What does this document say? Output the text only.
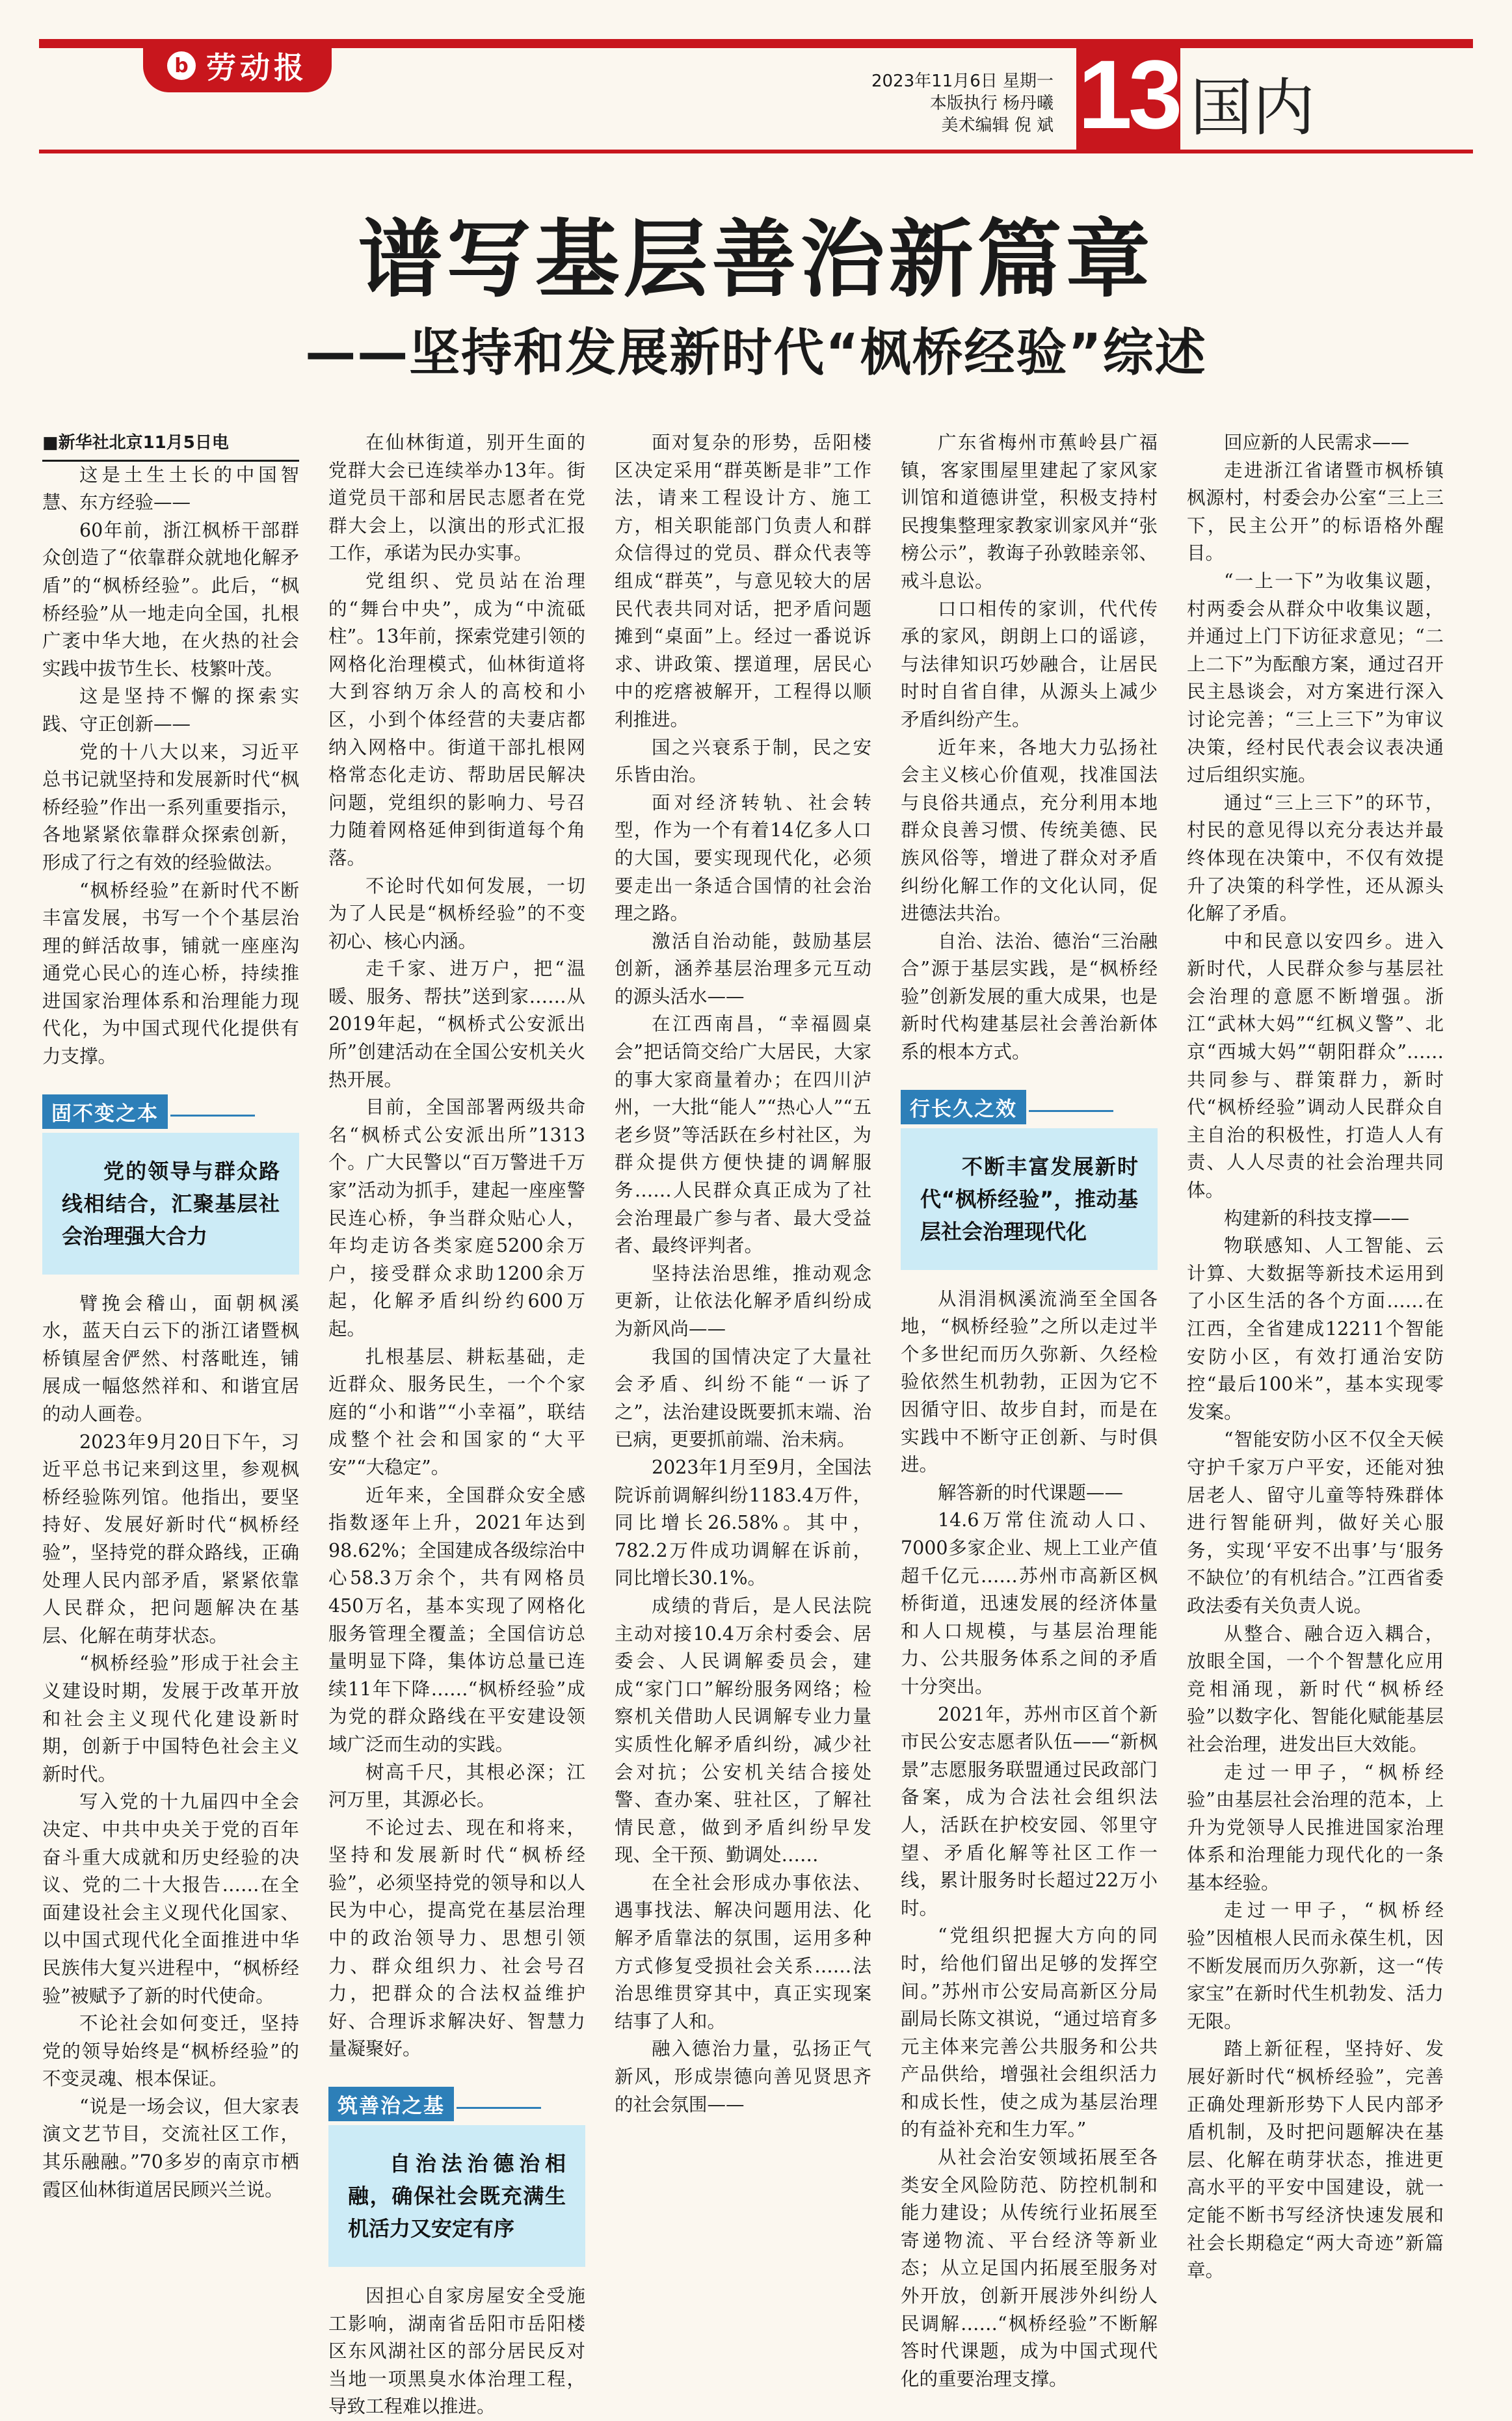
b 劳动报	2023年11月6日 星期一
本版执行 杨丹曦
美术编辑 倪 斌 13 国内
谱写基层善治新篇章
——坚持和发展新时代“枫桥经验”综述

■新华社北京11月5日电

这是土生土长的中国智慧、东方经验——

60年前，浙江枫桥干部群众创造了“依靠群众就地化解矛盾”的“枫桥经验”。此后，“枫桥经验”从一地走向全国，扎根广袤中华大地，在火热的社会实践中拔节生长、枝繁叶茂。

这是坚持不懈的探索实践、守正创新——

党的十八大以来，习近平总书记就坚持和发展新时代“枫桥经验”作出一系列重要指示，各地紧紧依靠群众探索创新，形成了行之有效的经验做法。

“枫桥经验”在新时代不断丰富发展，书写一个个基层治理的鲜活故事，铺就一座座沟通党心民心的连心桥，持续推进国家治理体系和治理能力现代化，为中国式现代化提供有力支撑。

固不变之本
党的领导与群众路线相结合，汇聚基层社会治理强大合力

臂挽会稽山，面朝枫溪水，蓝天白云下的浙江诸暨枫桥镇屋舍俨然、村落毗连，铺展成一幅悠然祥和、和谐宜居的动人画卷。

2023年9月20日下午，习近平总书记来到这里，参观枫桥经验陈列馆。他指出，要坚持好、发展好新时代“枫桥经验”，坚持党的群众路线，正确处理人民内部矛盾，紧紧依靠人民群众，把问题解决在基层、化解在萌芽状态。

“枫桥经验”形成于社会主义建设时期，发展于改革开放和社会主义现代化建设新时期，创新于中国特色社会主义新时代。

写入党的十九届四中全会决定、中共中央关于党的百年奋斗重大成就和历史经验的决议、党的二十大报告……在全面建设社会主义现代化国家、以中国式现代化全面推进中华民族伟大复兴进程中，“枫桥经验”被赋予了新的时代使命。

不论社会如何变迁，坚持党的领导始终是“枫桥经验”的不变灵魂、根本保证。

“说是一场会议，但大家表演文艺节目，交流社区工作，其乐融融。”70多岁的南京市栖霞区仙林街道居民顾兴兰说。

在仙林街道，别开生面的党群大会已连续举办13年。街道党员干部和居民志愿者在党群大会上，以演出的形式汇报工作，承诺为民办实事。

党组织、党员站在治理的“舞台中央”，成为“中流砥柱”。13年前，探索党建引领的网格化治理模式，仙林街道将大到容纳万余人的高校和小区，小到个体经营的夫妻店都纳入网格中。街道干部扎根网格常态化走访、帮助居民解决问题，党组织的影响力、号召力随着网格延伸到街道每个角落。

不论时代如何发展，一切为了人民是“枫桥经验”的不变初心、核心内涵。

走千家、进万户，把“温暖、服务、帮扶”送到家……从2019年起，“枫桥式公安派出所”创建活动在全国公安机关火热开展。

目前，全国部署两级共命名“枫桥式公安派出所”1313个。广大民警以“百万警进千万家”活动为抓手，建起一座座警民连心桥，争当群众贴心人，年均走访各类家庭5200余万户，接受群众求助1200余万起，化解矛盾纠纷约600万起。

扎根基层、耕耘基础，走近群众、服务民生，一个个家庭的“小和谐”“小幸福”，联结成整个社会和国家的“大平安”“大稳定”。

近年来，全国群众安全感指数逐年上升，2021年达到98.62%；全国建成各级综治中心58.3万余个，共有网格员450万名，基本实现了网格化服务管理全覆盖；全国信访总量明显下降，集体访总量已连续11年下降……“枫桥经验”成为党的群众路线在平安建设领域广泛而生动的实践。

树高千尺，其根必深；江河万里，其源必长。

不论过去、现在和将来，坚持和发展新时代“枫桥经验”，必须坚持党的领导和以人民为中心，提高党在基层治理中的政治领导力、思想引领力、群众组织力、社会号召力，把群众的合法权益维护好、合理诉求解决好、智慧力量凝聚好。

筑善治之基
自治法治德治相融，确保社会既充满生机活力又安定有序

因担心自家房屋安全受施工影响，湖南省岳阳市岳阳楼区东风湖社区的部分居民反对当地一项黑臭水体治理工程，导致工程难以推进。

面对复杂的形势，岳阳楼区决定采用“群英断是非”工作法，请来工程设计方、施工方，相关职能部门负责人和群众信得过的党员、群众代表等组成“群英”，与意见较大的居民代表共同对话，把矛盾问题摊到“桌面”上。经过一番说诉求、讲政策、摆道理，居民心中的疙瘩被解开，工程得以顺利推进。

国之兴衰系于制，民之安乐皆由治。

面对经济转轨、社会转型，作为一个有着14亿多人口的大国，要实现现代化，必须要走出一条适合国情的社会治理之路。

激活自治动能，鼓励基层创新，涵养基层治理多元互动的源头活水——

在江西南昌，“幸福圆桌会”把话筒交给广大居民，大家的事大家商量着办；在四川泸州，一大批“能人”“热心人”“五老乡贤”等活跃在乡村社区，为群众提供方便快捷的调解服务……人民群众真正成为了社会治理最广参与者、最大受益者、最终评判者。

坚持法治思维，推动观念更新，让依法化解矛盾纠纷成为新风尚——

我国的国情决定了大量社会矛盾、纠纷不能“一诉了之”，法治建设既要抓末端、治已病，更要抓前端、治未病。

2023年1月至9月，全国法院诉前调解纠纷1183.4万件，同比增长26.58%。其中，782.2万件成功调解在诉前，同比增长30.1%。

成绩的背后，是人民法院主动对接10.4万余村委会、居委会、人民调解委员会，建成“家门口”解纷服务网络；检察机关借助人民调解专业力量实质性化解矛盾纠纷，减少社会对抗；公安机关结合接处警、查办案、驻社区，了解社情民意，做到矛盾纠纷早发现、全干预、勤调处……

在全社会形成办事依法、遇事找法、解决问题用法、化解矛盾靠法的氛围，运用多种方式修复受损社会关系……法治思维贯穿其中，真正实现案结事了人和。

融入德治力量，弘扬正气新风，形成崇德向善见贤思齐的社会氛围——

广东省梅州市蕉岭县广福镇，客家围屋里建起了家风家训馆和道德讲堂，积极支持村民搜集整理家教家训家风并“张榜公示”，教诲子孙敦睦亲邻、戒斗息讼。

口口相传的家训，代代传承的家风，朗朗上口的谣谚，与法律知识巧妙融合，让居民时时自省自律，从源头上减少矛盾纠纷产生。

近年来，各地大力弘扬社会主义核心价值观，找准国法与良俗共通点，充分利用本地群众良善习惯、传统美德、民族风俗等，增进了群众对矛盾纠纷化解工作的文化认同，促进德法共治。

自治、法治、德治“三治融合”源于基层实践，是“枫桥经验”创新发展的重大成果，也是新时代构建基层社会善治新体系的根本方式。

行长久之效
不断丰富发展新时代“枫桥经验”，推动基层社会治理现代化

从涓涓枫溪流淌至全国各地，“枫桥经验”之所以走过半个多世纪而历久弥新、久经检验依然生机勃勃，正因为它不因循守旧、故步自封，而是在实践中不断守正创新、与时俱进。

解答新的时代课题——

14.6万常住流动人口、7000多家企业、规上工业产值超千亿元……苏州市高新区枫桥街道，迅速发展的经济体量和人口规模，与基层治理能力、公共服务体系之间的矛盾十分突出。

2021年，苏州市区首个新市民公安志愿者队伍——“新枫景”志愿服务联盟通过民政部门备案，成为合法社会组织法人，活跃在护校安园、邻里守望、矛盾化解等社区工作一线，累计服务时长超过22万小时。

“党组织把握大方向的同时，给他们留出足够的发挥空间。”苏州市公安局高新区分局副局长陈文祺说，“通过培育多元主体来完善公共服务和公共产品供给，增强社会组织活力和成长性，使之成为基层治理的有益补充和生力军。”

从社会治安领域拓展至各类安全风险防范、防控机制和能力建设；从传统行业拓展至寄递物流、平台经济等新业态；从立足国内拓展至服务对外开放，创新开展涉外纠纷人民调解……“枫桥经验”不断解答时代课题，成为中国式现代化的重要治理支撑。

回应新的人民需求——

走进浙江省诸暨市枫桥镇枫源村，村委会办公室“三上三下，民主公开”的标语格外醒目。

“一上一下”为收集议题，村两委会从群众中收集议题，并通过上门下访征求意见；“二上二下”为酝酿方案，通过召开民主恳谈会，对方案进行深入讨论完善；“三上三下”为审议决策，经村民代表会议表决通过后组织实施。

通过“三上三下”的环节，村民的意见得以充分表达并最终体现在决策中，不仅有效提升了决策的科学性，还从源头化解了矛盾。

中和民意以安四乡。进入新时代，人民群众参与基层社会治理的意愿不断增强。浙江“武林大妈”“红枫义警”、北京“西城大妈”“朝阳群众”……共同参与、群策群力，新时代“枫桥经验”调动人民群众自主自治的积极性，打造人人有责、人人尽责的社会治理共同体。

构建新的科技支撑——

物联感知、人工智能、云计算、大数据等新技术运用到了小区生活的各个方面……在江西，全省建成12211个智能安防小区，有效打通治安防控“最后100米”，基本实现零发案。

“智能安防小区不仅全天候守护千家万户平安，还能对独居老人、留守儿童等特殊群体进行智能研判，做好关心服务，实现‘平安不出事’与‘服务不缺位’的有机结合。”江西省委政法委有关负责人说。

从整合、融合迈入耦合，放眼全国，一个个智慧化应用竞相涌现，新时代“枫桥经验”以数字化、智能化赋能基层社会治理，进发出巨大效能。

走过一甲子，“枫桥经验”由基层社会治理的范本，上升为党领导人民推进国家治理体系和治理能力现代化的一条基本经验。

走过一甲子，“枫桥经验”因植根人民而永葆生机，因不断发展而历久弥新，这一“传家宝”在新时代生机勃发、活力无限。

踏上新征程，坚持好、发展好新时代“枫桥经验”，完善正确处理新形势下人民内部矛盾机制，及时把问题解决在基层、化解在萌芽状态，推进更高水平的平安中国建设，就一定能不断书写经济快速发展和社会长期稳定“两大奇迹”新篇章。
